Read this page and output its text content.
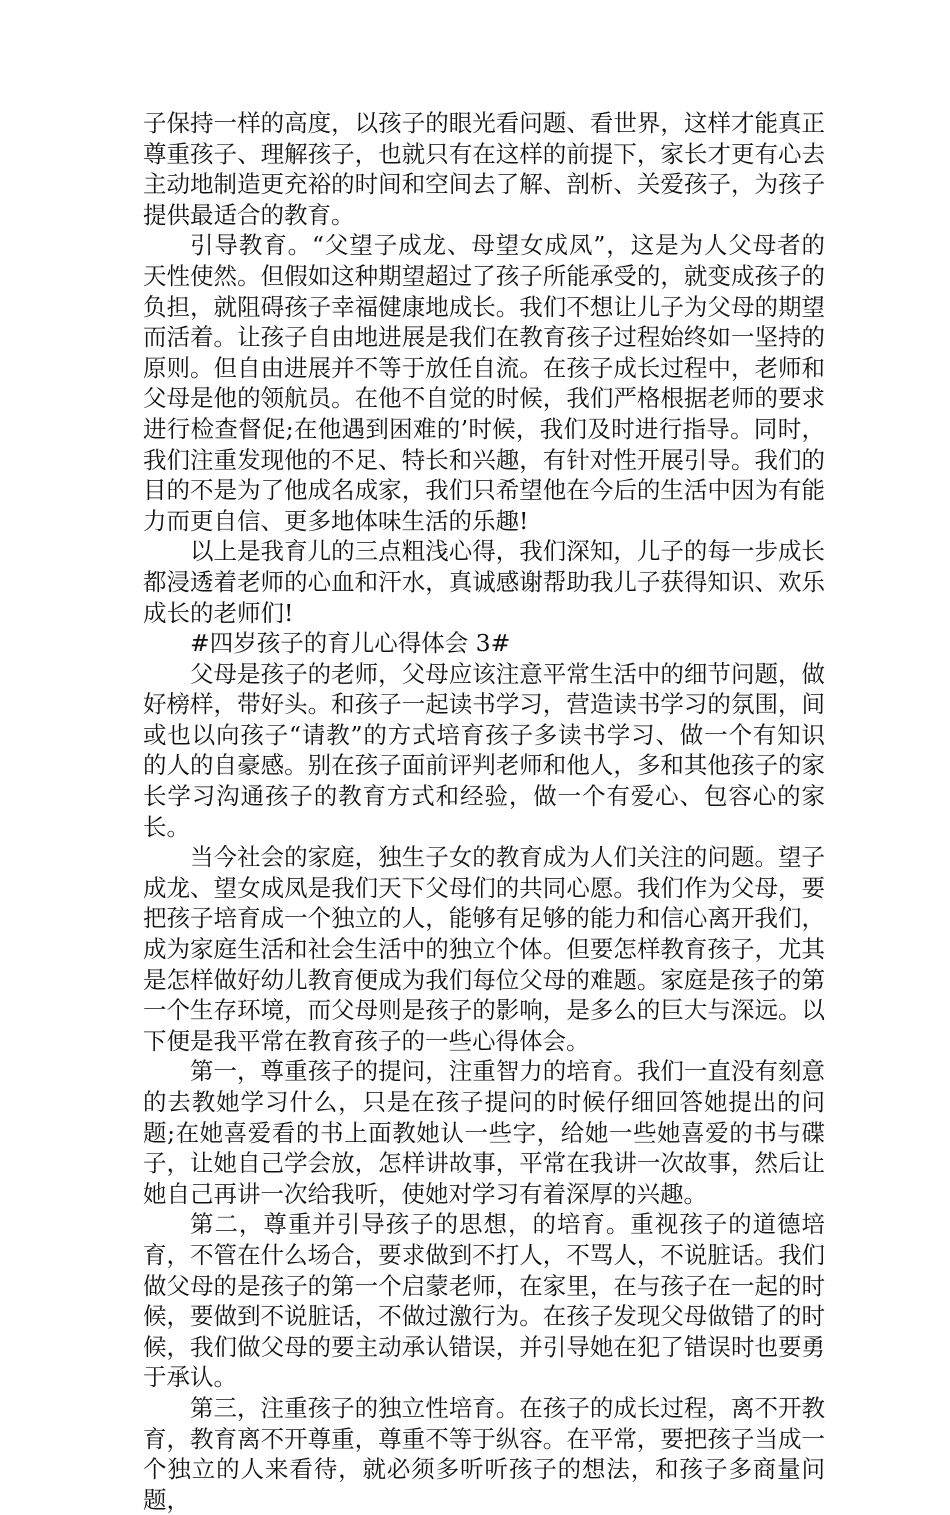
子保持一样的高度，以孩子的眼光看问题、看世界，这样才能真正尊重孩子、理解孩子，也就只有在这样的前提下，家长才更有心去主动地制造更充裕的时间和空间去了解、剖析、关爱孩子，为孩子提供最适合的教育。

引导教育。“父望子成龙、母望女成凤”，这是为人父母者的天性使然。但假如这种期望超过了孩子所能承受的，就变成孩子的负担，就阻碍孩子幸福健康地成长。我们不想让儿子为父母的期望而活着。让孩子自由地进展是我们在教育孩子过程始终如一坚持的原则。但自由进展并不等于放任自流。在孩子成长过程中，老师和父母是他的领航员。在他不自觉的时候，我们严格根据老师的要求进行检查督促;在他遇到困难的’时候，我们及时进行指导。同时，我们注重发现他的不足、特长和兴趣，有针对性开展引导。我们的目的不是为了他成名成家，我们只希望他在今后的生活中因为有能力而更自信、更多地体味生活的乐趣!

以上是我育儿的三点粗浅心得，我们深知，儿子的每一步成长都浸透着老师的心血和汗水，真诚感谢帮助我儿子获得知识、欢乐成长的老师们!

#四岁孩子的育儿心得体会 3#

父母是孩子的老师，父母应该注意平常生活中的细节问题，做好榜样，带好头。和孩子一起读书学习，营造读书学习的氛围，间或也以向孩子“请教”的方式培育孩子多读书学习、做一个有知识的人的自豪感。别在孩子面前评判老师和他人，多和其他孩子的家长学习沟通孩子的教育方式和经验，做一个有爱心、包容心的家长。

当今社会的家庭，独生子女的教育成为人们关注的问题。望子成龙、望女成凤是我们天下父母们的共同心愿。我们作为父母，要把孩子培育成一个独立的人，能够有足够的能力和信心离开我们，成为家庭生活和社会生活中的独立个体。但要怎样教育孩子，尤其是怎样做好幼儿教育便成为我们每位父母的难题。家庭是孩子的第一个生存环境，而父母则是孩子的影响，是多么的巨大与深远。以下便是我平常在教育孩子的一些心得体会。

第一，尊重孩子的提问，注重智力的培育。我们一直没有刻意的去教她学习什么，只是在孩子提问的时候仔细回答她提出的问题;在她喜爱看的书上面教她认一些字，给她一些她喜爱的书与碟子，让她自己学会放，怎样讲故事，平常在我讲一次故事，然后让她自己再讲一次给我听，使她对学习有着深厚的兴趣。

第二，尊重并引导孩子的思想，的培育。重视孩子的道德培育，不管在什么场合，要求做到不打人，不骂人，不说脏话。我们做父母的是孩子的第一个启蒙老师，在家里，在与孩子在一起的时候，要做到不说脏话，不做过激行为。在孩子发现父母做错了的时候，我们做父母的要主动承认错误，并引导她在犯了错误时也要勇于承认。

第三，注重孩子的独立性培育。在孩子的成长过程，离不开教育，教育离不开尊重，尊重不等于纵容。在平常，要把孩子当成一个独立的人来看待，就必须多听听孩子的想法，和孩子多商量问题，
